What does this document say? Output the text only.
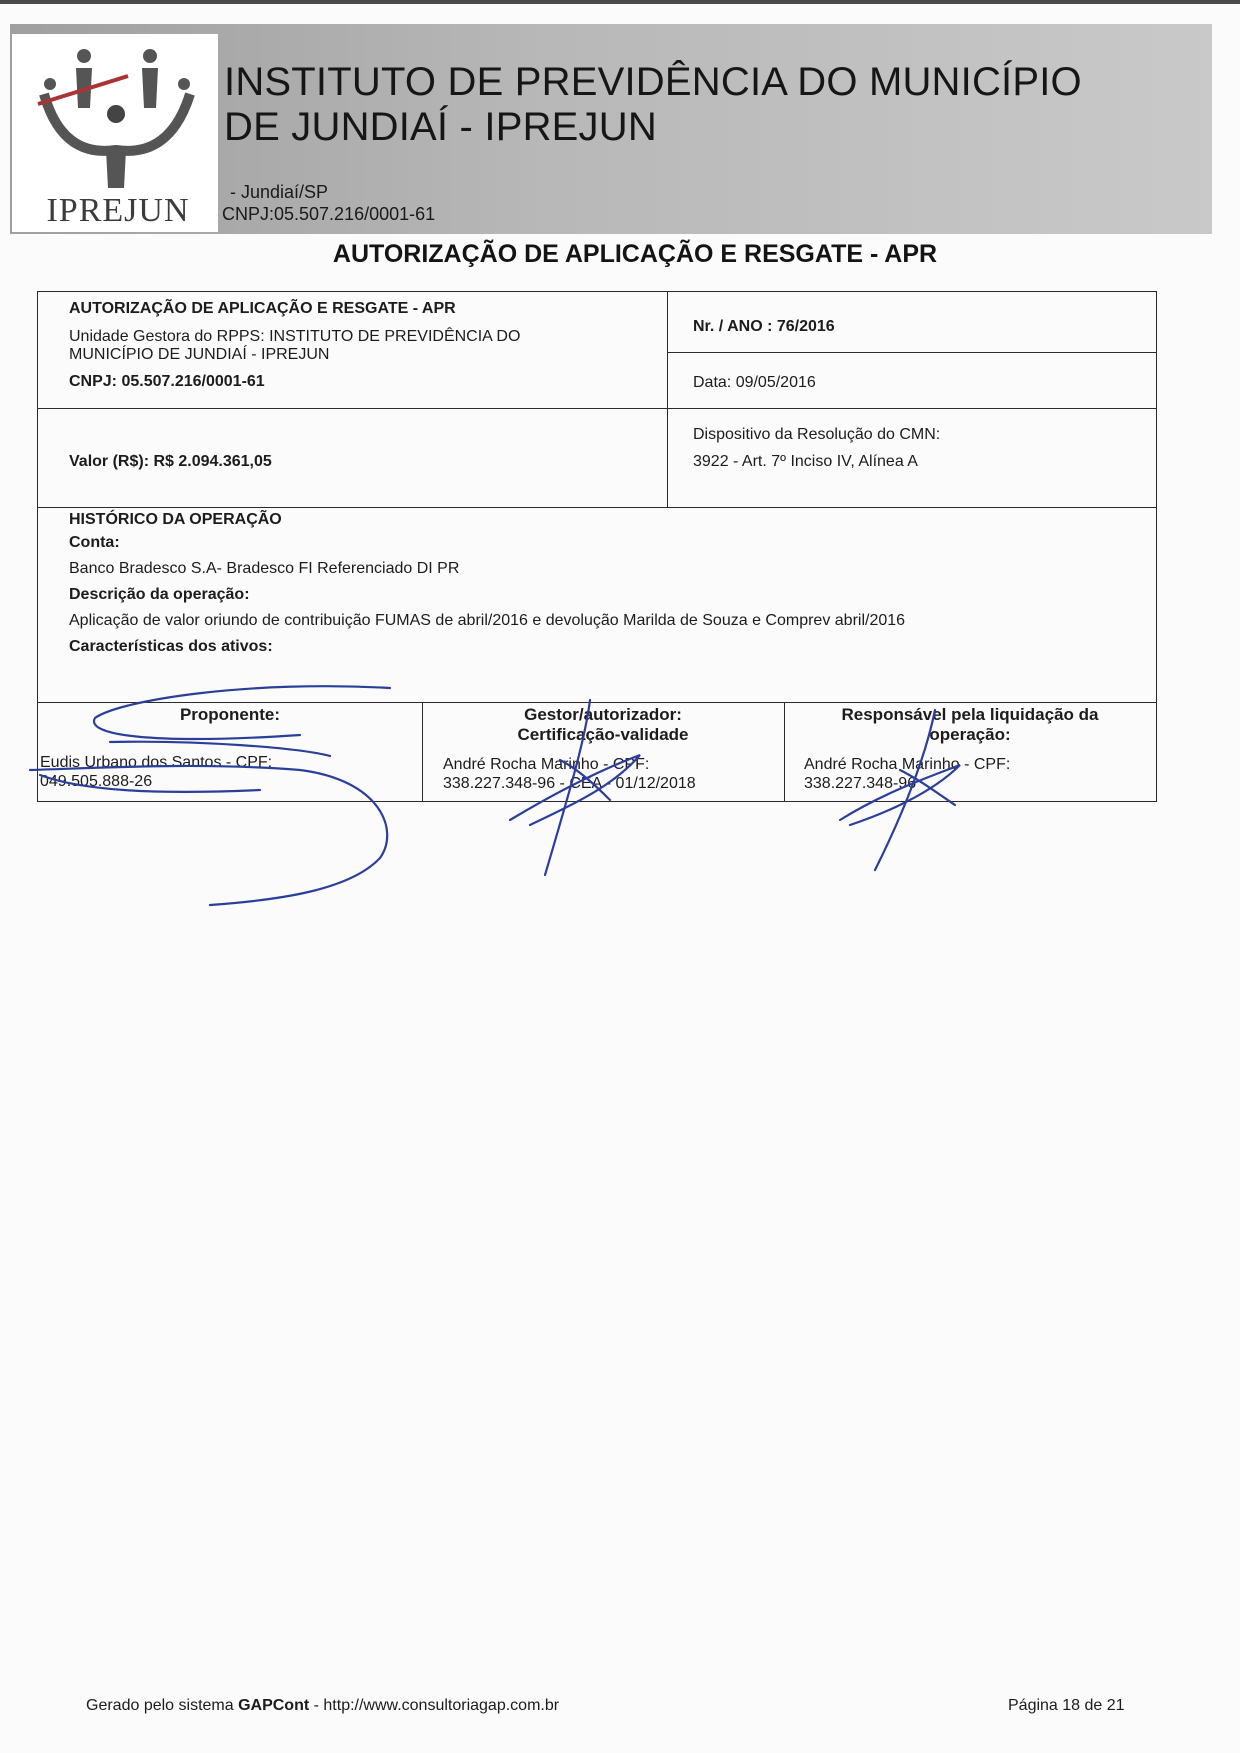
IPREJUN
INSTITUTO DE PREVIDÊNCIA DO MUNICÍPIO
DE JUNDIAÍ - IPREJUN
- Jundiaí/SP
CNPJ:05.507.216/0001-61
AUTORIZAÇÃO DE APLICAÇÃO E RESGATE - APR
AUTORIZAÇÃO DE APLICAÇÃO E RESGATE - APR
Unidade Gestora do RPPS: INSTITUTO DE PREVIDÊNCIA DO
MUNICÍPIO DE JUNDIAÍ - IPREJUN
CNPJ: 05.507.216/0001-61
Nr. / ANO : 76/2016
Data: 09/05/2016
Valor (R$): R$ 2.094.361,05
Dispositivo da Resolução do CMN:
3922 - Art. 7º Inciso IV, Alínea A
HISTÓRICO DA OPERAÇÃO
Conta:
Banco Bradesco S.A- Bradesco FI Referenciado DI PR
Descrição da operação:
Aplicação de valor oriundo de contribuição FUMAS de abril/2016 e devolução Marilda de Souza e Comprev abril/2016
Características dos ativos:
Proponente:
Eudis Urbano dos Santos - CPF:
049.505.888-26
Gestor/autorizador:
Certificação-validade
André Rocha Marinho - CPF:
338.227.348-96 - CEA - 01/12/2018
Responsável pela liquidação da
operação:
André Rocha Marinho - CPF:
338.227.348-96
Gerado pelo sistema GAPCont - http://www.consultoriagap.com.br	Página 18 de 21
